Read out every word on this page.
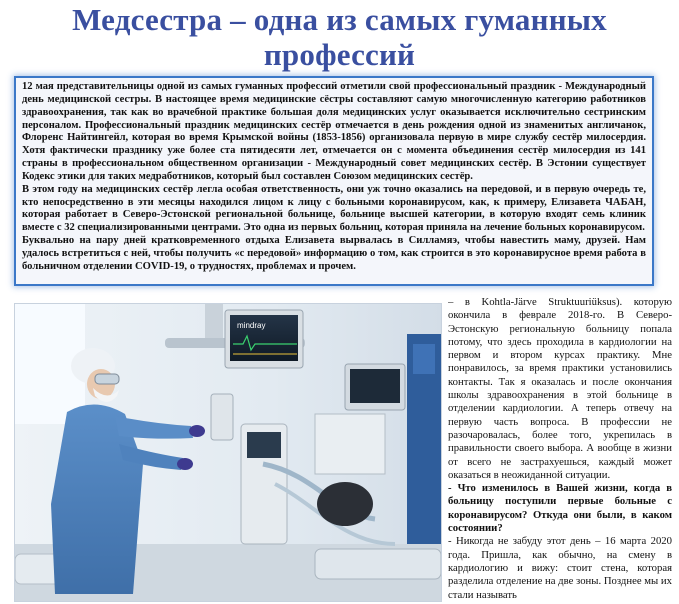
Медсестра – одна из самых гуманных профессий

12 мая представительницы одной из самых гуманных профессий отметили свой профессиональный праздник - Международный день медицинской сестры. В настоящее время медицинские сёстры составляют самую многочисленную категорию работников здравоохранения, так как во врачебной практике большая доля медицинских услуг оказывается исключительно сестринским персоналом. Профессиональный праздник медицинских сестёр отмечается в день рождения одной из знаменитых англичанок, Флоренс Найтингейл, которая во время Крымской войны (1853-1856) организовала первую в мире службу сестёр милосердия. Хотя фактически празднику уже более ста пятидесяти лет, отмечается он с момента объединения сестёр милосердия из 141 страны в профессиональном общественном организации - Международный совет медицинских сестёр. В Эстонии существует Кодекс этики для таких медработников, который был составлен Союзом медицинских сестёр.

В этом году на медицинских сестёр легла особая ответственность, они уж точно оказались на передовой, и в первую очередь те, кто непосредственно в эти месяцы находился лицом к лицу с больными коронавирусом, как, к примеру, Елизавета ЧАБАН, которая работает в Северо-Эстонской региональной больнице, больнице высшей категории, в которую входят семь клиник вместе с 32 специализированными центрами. Это одна из первых больниц, которая приняла на лечение больных коронавирусом.

Буквально на пару дней кратковременного отдыха Елизавета вырвалась в Силламяэ, чтобы навестить маму, друзей. Нам удалось встретиться с ней, чтобы получить «с передовой» информацию о том, как строится в это коронавирусное время работа в больничном отделении COVID-19, о трудностях, проблемах и прочем.

mindray

– в Kohtla-Järve Struktuuriüksus). которую окончила в феврале 2018-го. В Северо-Эстонскую региональную больницу попала потому, что здесь проходила в кардиологии на первом и втором курсах практику. Мне понравилось, за время практики установились контакты. Так я оказалась и после окончания школы здравоохранения в этой больнице в отделении кардиологии. А теперь отвечу на первую часть вопроса. В профессии не разочаровалась, более того, укрепилась в правильности своего выбора. А вообще в жизни от всего не застрахуешься, каждый может оказаться в неожиданной ситуации.

- Что изменилось в Вашей жизни, когда в больницу поступили первые больные с коронавирусом? Откуда они были, в каком состоянии?

- Никогда не забуду этот день – 16 марта 2020 года. Пришла, как обычно, на смену в кардиологию и вижу: стоит стена, которая разделила отделение на две зоны. Позднее мы их стали называть
